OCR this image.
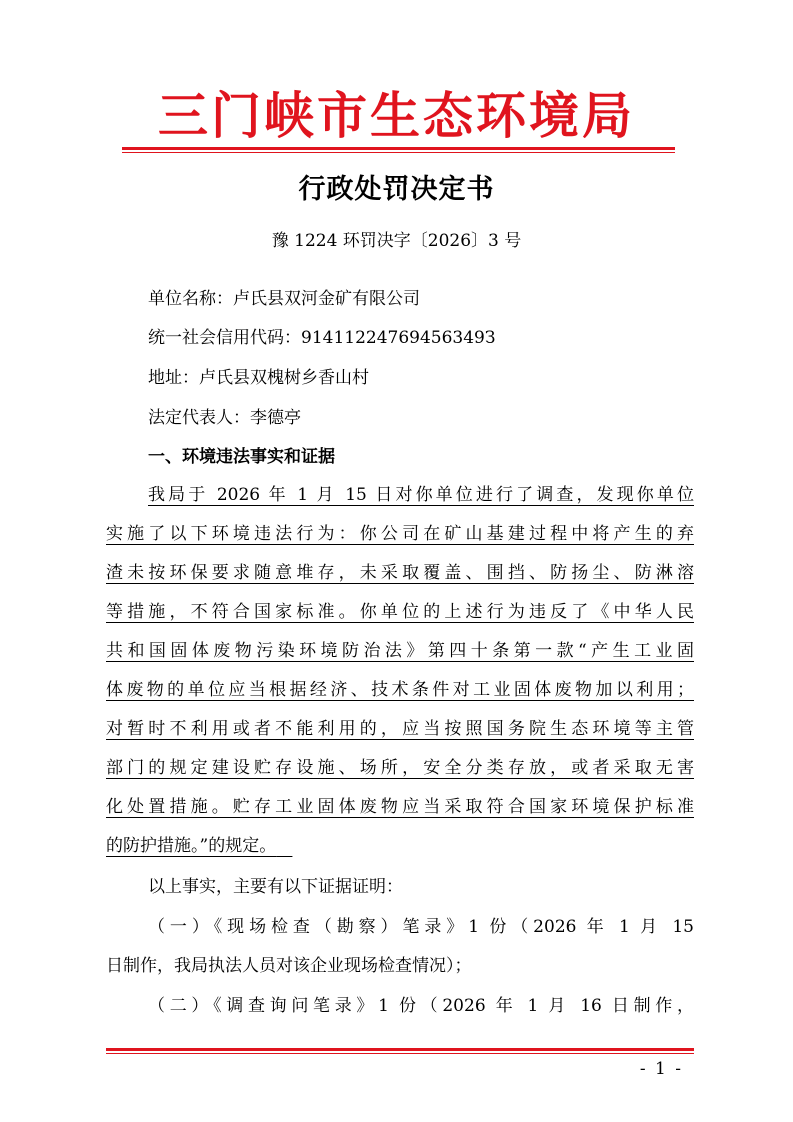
三门峡市生态环境局
行政处罚决定书
豫 1224 环罚决字〔2026〕3 号
单位名称：卢氏县双河金矿有限公司
统一社会信用代码：91411224769456349З
地址：卢氏县双槐树乡香山村
法定代表人：李德亭
一、环境违法事实和证据
我局于 2026 年 1 月 15 日对你单位进行了调查，发现你单位
实施了以下环境违法行为：你公司在矿山基建过程中将产生的弃
渣未按环保要求随意堆存，未采取覆盖、围挡、防扬尘、防淋溶
等措施，不符合国家标准。你单位的上述行为违反了《中华人民
共和国固体废物污染环境防治法》第四十条第一款“产生工业固
体废物的单位应当根据经济、技术条件对工业固体废物加以利用；
对暂时不利用或者不能利用的，应当按照国务院生态环境等主管
部门的规定建设贮存设施、场所，安全分类存放，或者采取无害
化处置措施。贮存工业固体废物应当采取符合国家环境保护标准
的防护措施。”的规定。
以上事实，主要有以下证据证明：
（一）《现场检查（勘察）笔录》1 份（2026 年 1 月 15
日制作，我局执法人员对该企业现场检查情况）；
（二）《调查询问笔录》1 份（2026 年 1 月 16 日制作，
- 1 -
